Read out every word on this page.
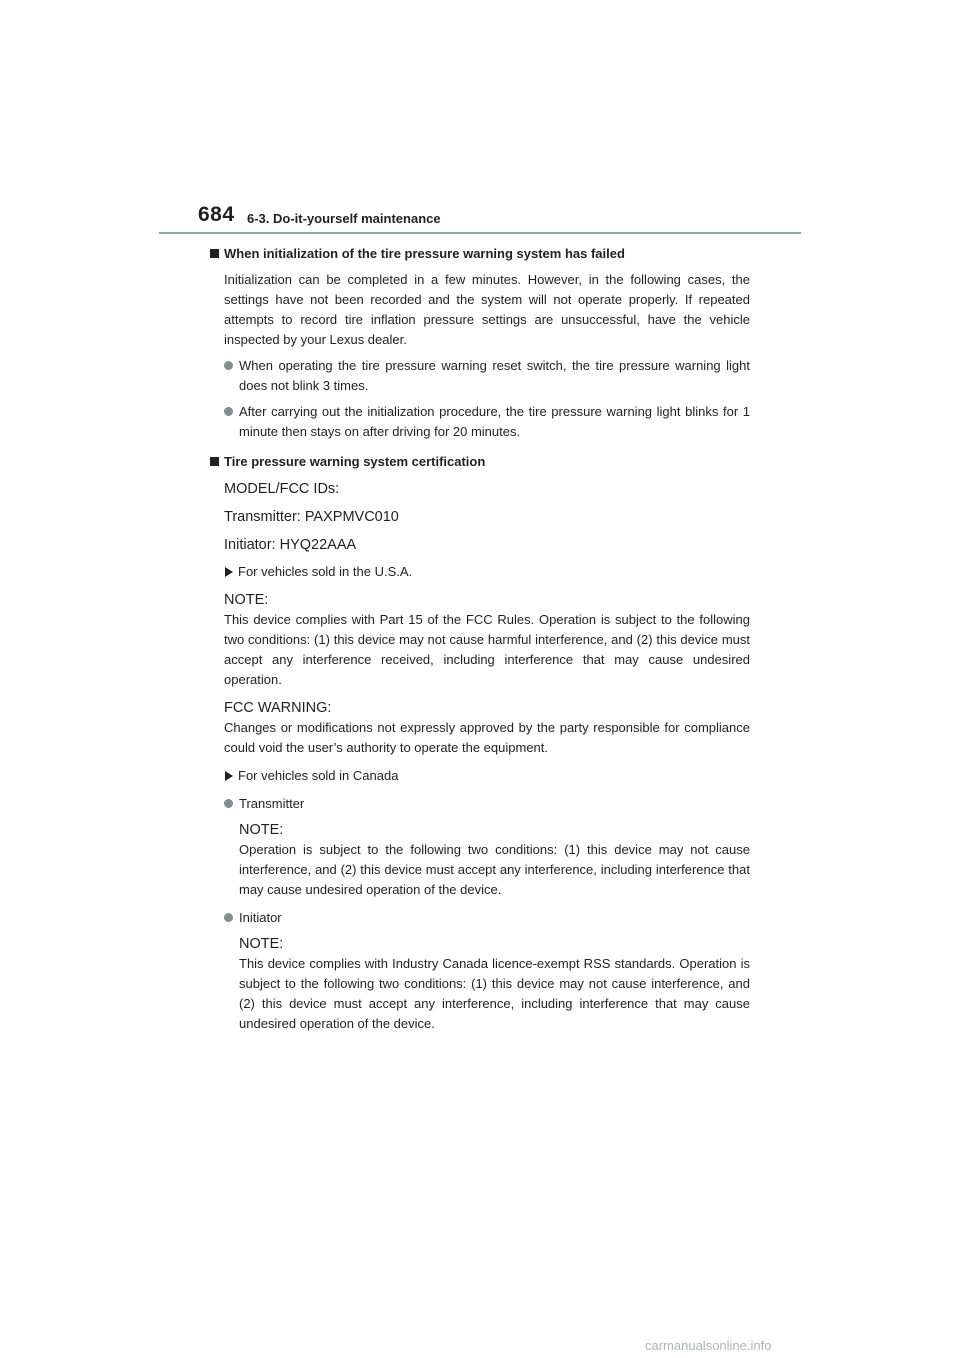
684 6-3. Do-it-yourself maintenance
When initialization of the tire pressure warning system has failed

Initialization can be completed in a few minutes. However, in the following cases, the settings have not been recorded and the system will not operate properly. If repeated attempts to record tire inflation pressure settings are unsuccessful, have the vehicle inspected by your Lexus dealer.

When operating the tire pressure warning reset switch, the tire pressure warning light does not blink 3 times.
After carrying out the initialization procedure, the tire pressure warning light blinks for 1 minute then stays on after driving for 20 minutes.
Tire pressure warning system certification

MODEL/FCC IDs:

Transmitter: PAXPMVC010

Initiator: HYQ22AAA

For vehicles sold in the U.S.A.

NOTE:

This device complies with Part 15 of the FCC Rules. Operation is subject to the following two conditions: (1) this device may not cause harmful interference, and (2) this device must accept any interference received, including interference that may cause undesired operation.

FCC WARNING:

Changes or modifications not expressly approved by the party responsible for compliance could void the user’s authority to operate the equipment.

For vehicles sold in Canada
Transmitter

NOTE:

Operation is subject to the following two conditions: (1) this device may not cause interference, and (2) this device must accept any interference, including interference that may cause undesired operation of the device.

Initiator

NOTE:

This device complies with Industry Canada licence-exempt RSS standards. Operation is subject to the following two conditions: (1) this device may not cause interference, and (2) this device must accept any interference, including interference that may cause undesired operation of the device.

carmanualsonline.info
